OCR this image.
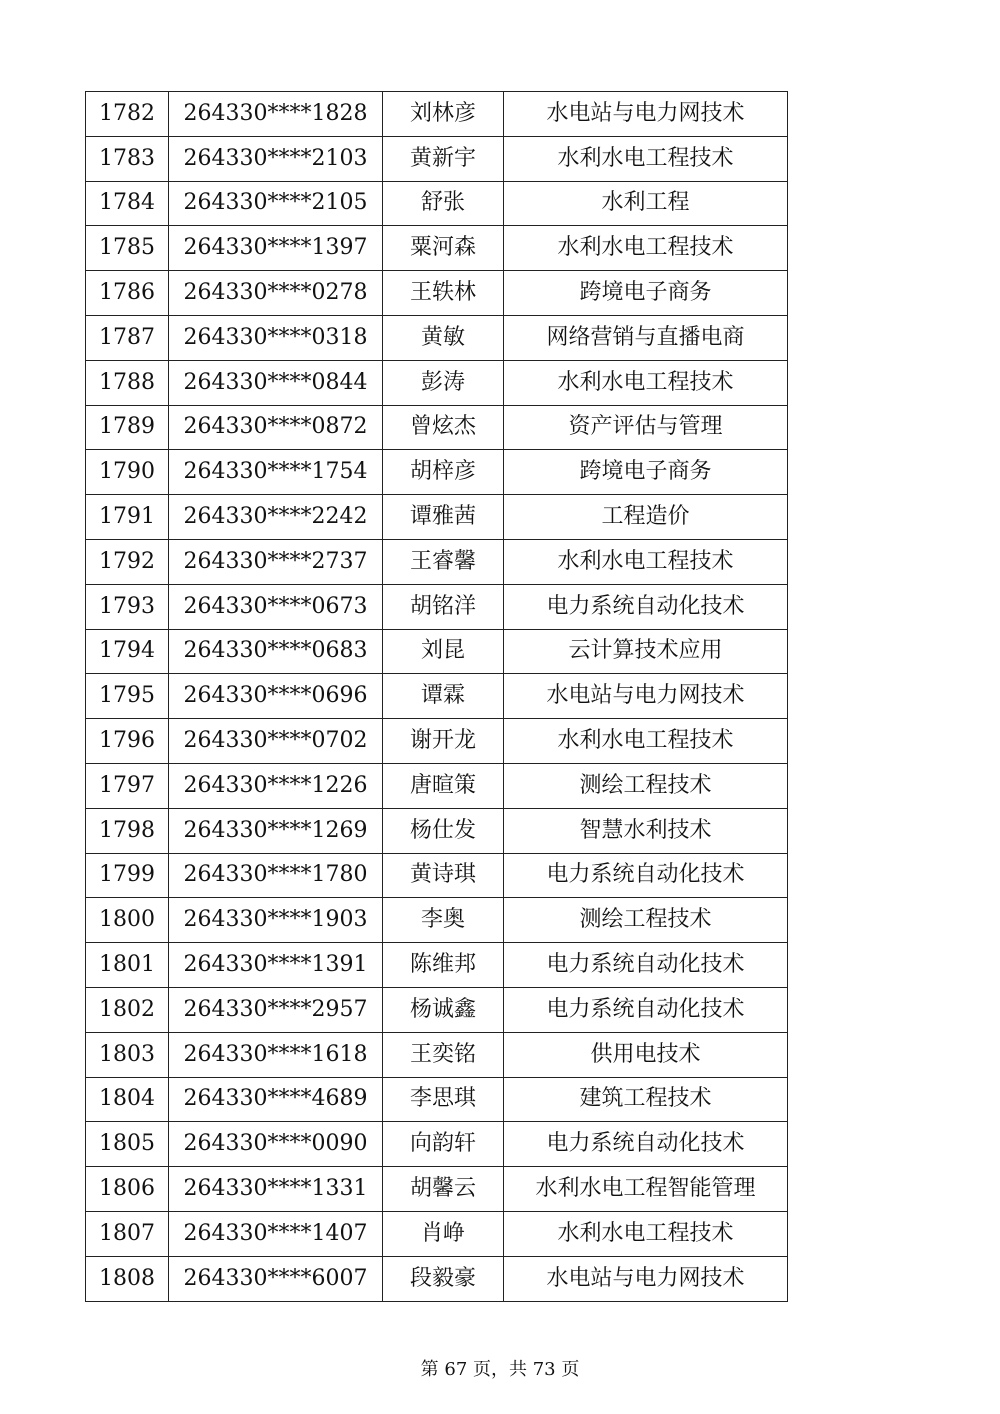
1782	264330****1828	刘林彦	水电站与电力网技术
1783	264330****2103	黄新宇	水利水电工程技术
1784	264330****2105	舒张	水利工程
1785	264330****1397	粟河森	水利水电工程技术
1786	264330****0278	王轶林	跨境电子商务
1787	264330****0318	黄敏	网络营销与直播电商
1788	264330****0844	彭涛	水利水电工程技术
1789	264330****0872	曾炫杰	资产评估与管理
1790	264330****1754	胡梓彦	跨境电子商务
1791	264330****2242	谭雅茜	工程造价
1792	264330****2737	王睿馨	水利水电工程技术
1793	264330****0673	胡铭洋	电力系统自动化技术
1794	264330****0683	刘昆	云计算技术应用
1795	264330****0696	谭霖	水电站与电力网技术
1796	264330****0702	谢开龙	水利水电工程技术
1797	264330****1226	唐暄策	测绘工程技术
1798	264330****1269	杨仕发	智慧水利技术
1799	264330****1780	黄诗琪	电力系统自动化技术
1800	264330****1903	李奥	测绘工程技术
1801	264330****1391	陈维邦	电力系统自动化技术
1802	264330****2957	杨诚鑫	电力系统自动化技术
1803	264330****1618	王奕铭	供用电技术
1804	264330****4689	李思琪	建筑工程技术
1805	264330****0090	向韵轩	电力系统自动化技术
1806	264330****1331	胡馨云	水利水电工程智能管理
1807	264330****1407	肖峥	水利水电工程技术
1808	264330****6007	段毅豪	水电站与电力网技术
第 67 页，共 73 页
